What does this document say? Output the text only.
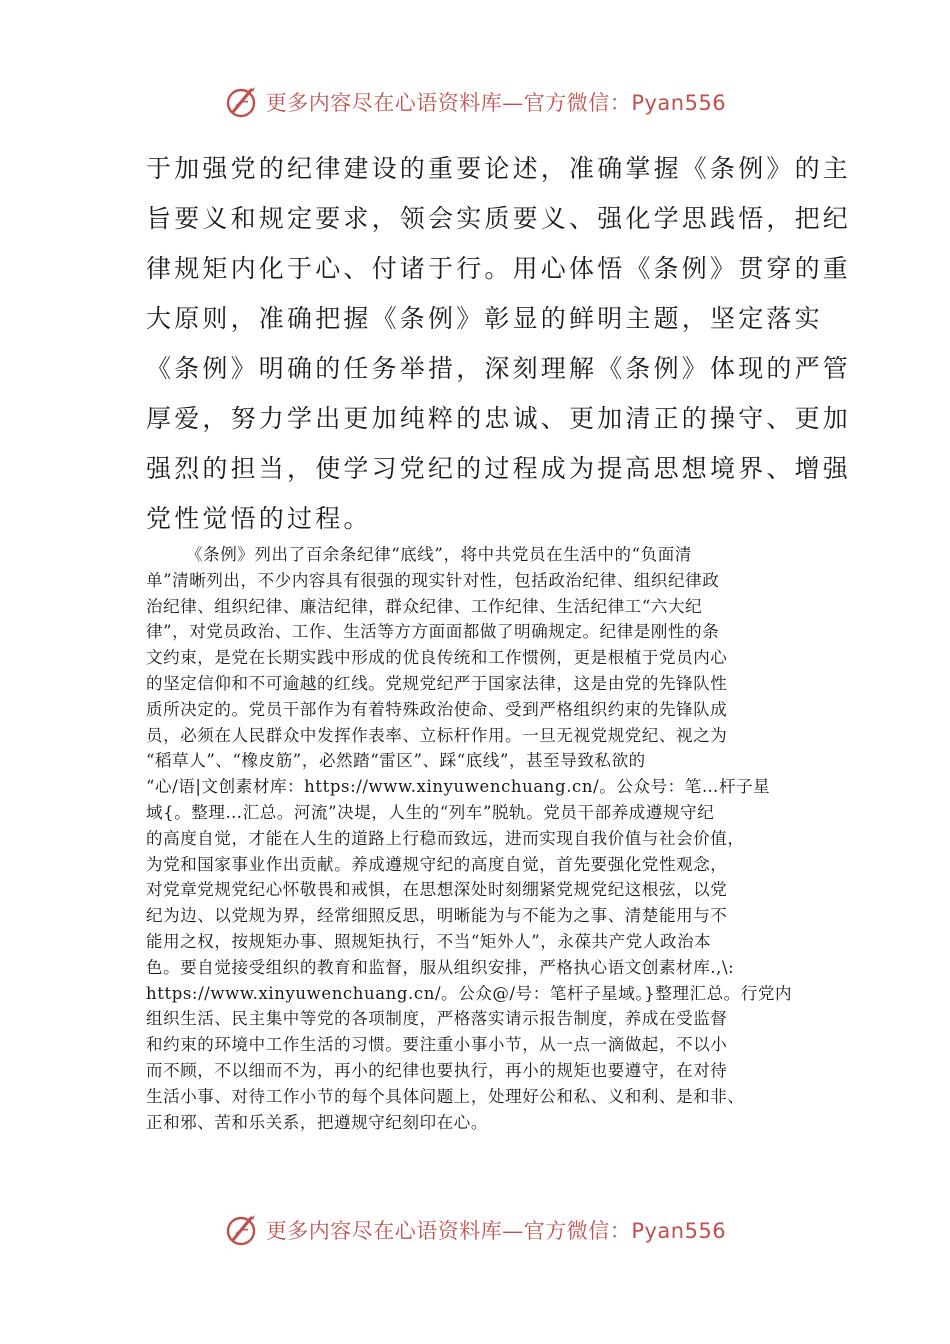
更多内容尽在心语资料库—官方微信：Pyan556
于加强党的纪律建设的重要论述，准确掌握《条例》的主
旨要义和规定要求，领会实质要义、强化学思践悟，把纪
律规矩内化于心、付诸于行。用心体悟《条例》贯穿的重
大原则，准确把握《条例》彰显的鲜明主题，坚定落实
《条例》明确的任务举措，深刻理解《条例》体现的严管
厚爱，努力学出更加纯粹的忠诚、更加清正的操守、更加
强烈的担当，使学习党纪的过程成为提高思想境界、增强
党性觉悟的过程。
《条例》列出了百余条纪律“底线”，将中共党员在生活中的“负面清
单”清晰列出，不少内容具有很强的现实针对性，包括政治纪律、组织纪律政
治纪律、组织纪律、廉洁纪律，群众纪律、工作纪律、生活纪律工“六大纪
律”，对党员政治、工作、生活等方方面面都做了明确规定。纪律是刚性的条
文约束，是党在长期实践中形成的优良传统和工作惯例，更是根植于党员内心
的坚定信仰和不可逾越的红线。党规党纪严于国家法律，这是由党的先锋队性
质所决定的。党员干部作为有着特殊政治使命、受到严格组织约束的先锋队成
员，必须在人民群众中发挥作表率、立标杆作用。一旦无视党规党纪、视之为
“稻草人”、“橡皮筋”，必然踏“雷区”、踩“底线”，甚至导致私欲的
“心/语|文创素材库：https://www.xinyuwenchuang.cn/。公众号：笔…杆子星
域{。整理…汇总。河流”决堤，人生的“列车”脱轨。党员干部养成遵规守纪
的高度自觉，才能在人生的道路上行稳而致远，进而实现自我价值与社会价值，
为党和国家事业作出贡献。养成遵规守纪的高度自觉，首先要强化党性观念，
对党章党规党纪心怀敬畏和戒惧，在思想深处时刻绷紧党规党纪这根弦，以党
纪为边、以党规为界，经常细照反思，明晰能为与不能为之事、清楚能用与不
能用之权，按规矩办事、照规矩执行，不当“矩外人”，永葆共产党人政治本
色。要自觉接受组织的教育和监督，服从组织安排，严格执心语文创素材库.,\:
https://www.xinyuwenchuang.cn/。公众@/号：笔杆子星域。}整理汇总。行党内
组织生活、民主集中等党的各项制度，严格落实请示报告制度，养成在受监督
和约束的环境中工作生活的习惯。要注重小事小节，从一点一滴做起，不以小
而不顾，不以细而不为，再小的纪律也要执行，再小的规矩也要遵守，在对待
生活小事、对待工作小节的每个具体问题上，处理好公和私、义和利、是和非、
正和邪、苦和乐关系，把遵规守纪刻印在心。
更多内容尽在心语资料库—官方微信：Pyan556
